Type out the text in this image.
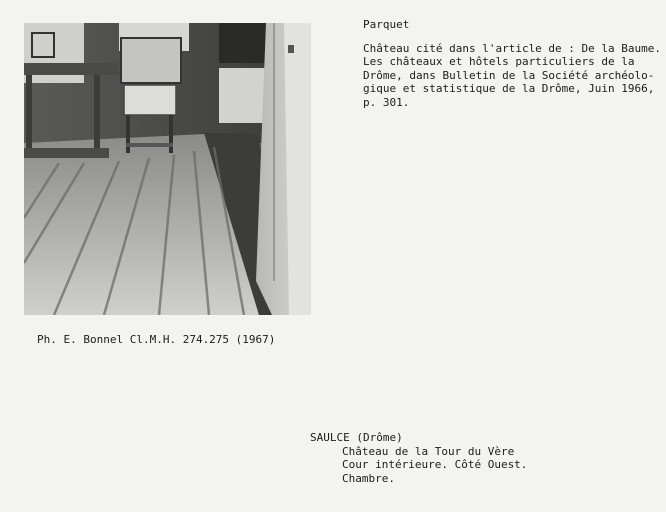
Parquet
Château cité dans l'article de : De la Baume.
Les châteaux et hôtels particuliers de la
Drôme, dans Bulletin de la Société archéolo-
gique et statistique de la Drôme, Juin 1966,
p. 301.
Ph. E. Bonnel Cl.M.H. 274.275 (1967)
SAULCE (Drôme)
Château de la Tour du Vère
Cour intérieure. Côté Ouest.
Chambre.
